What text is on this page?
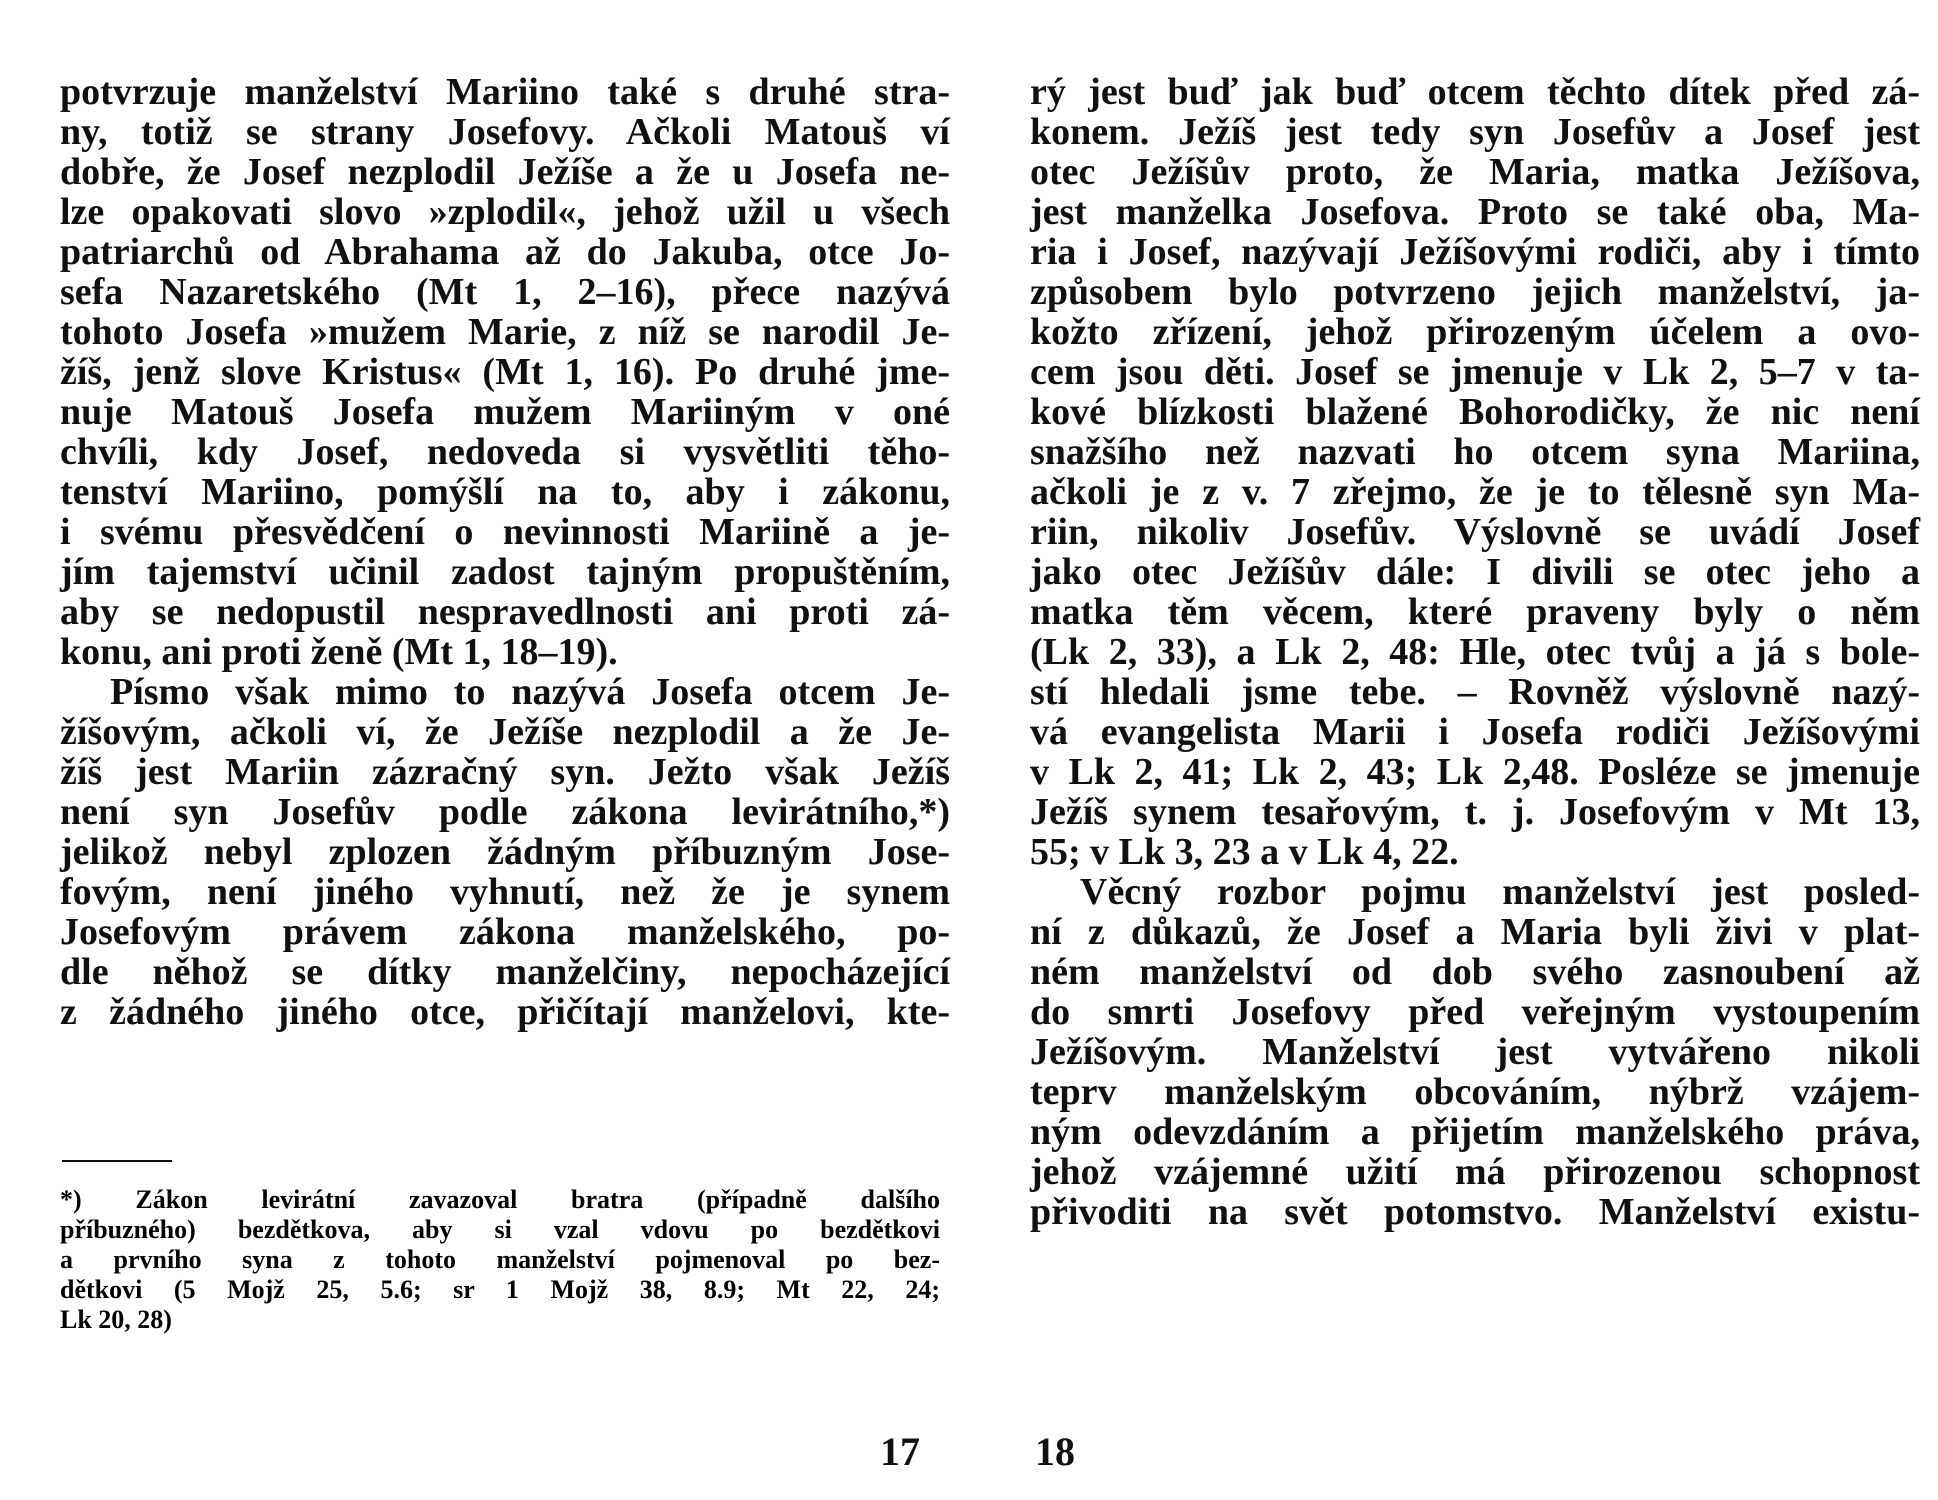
potvrzuje manželství Mariino také s druhé stra-
ny, totiž se strany Josefovy. Ačkoli Matouš ví
dobře, že Josef nezplodil Ježíše a že u Josefa ne-
lze opakovati slovo »zplodil«, jehož užil u všech
patriarchů od Abrahama až do Jakuba, otce Jo-
sefa Nazaretského (Mt 1, 2–16), přece nazývá
tohoto Josefa »mužem Marie, z níž se narodil Je-
žíš, jenž slove Kristus« (Mt 1, 16). Po druhé jme-
nuje Matouš Josefa mužem Mariiným v oné
chvíli, kdy Josef, nedoveda si vysvětliti těho-
tenství Mariino, pomýšlí na to, aby i zákonu,
i svému přesvědčení o nevinnosti Mariině a je-
jím tajemství učinil zadost tajným propuštěním,
aby se nedopustil nespravedlnosti ani proti zá-
konu, ani proti ženě (Mt 1, 18–19).
Písmo však mimo to nazývá Josefa otcem Je-
žíšovým, ačkoli ví, že Ježíše nezplodil a že Je-
žíš jest Mariin zázračný syn. Ježto však Ježíš
není syn Josefův podle zákona levirátního,*)
jelikož nebyl zplozen žádným příbuzným Jose-
fovým, není jiného vyhnutí, než že je synem
Josefovým právem zákona manželského, po-
dle něhož se dítky manželčiny, nepocházející
z žádného jiného otce, přičítají manželovi, kte-
*) Zákon levirátní zavazoval bratra (případně dalšího
příbuzného) bezdětkova, aby si vzal vdovu po bezdětkovi
a prvního syna z tohoto manželství pojmenoval po bez-
dětkovi (5 Mojž 25, 5.6; sr 1 Mojž 38, 8.9; Mt 22, 24;
Lk 20, 28)
rý jest buď jak buď otcem těchto dítek před zá-
konem. Ježíš jest tedy syn Josefův a Josef jest
otec Ježíšův proto, že Maria, matka Ježíšova,
jest manželka Josefova. Proto se také oba, Ma-
ria i Josef, nazývají Ježíšovými rodiči, aby i tímto
způsobem bylo potvrzeno jejich manželství, ja-
kožto zřízení, jehož přirozeným účelem a ovo-
cem jsou děti. Josef se jmenuje v Lk 2, 5–7 v ta-
kové blízkosti blažené Bohorodičky, že nic není
snažšího než nazvati ho otcem syna Mariina,
ačkoli je z v. 7 zřejmo, že je to tělesně syn Ma-
riin, nikoliv Josefův. Výslovně se uvádí Josef
jako otec Ježíšův dále: I divili se otec jeho a
matka těm věcem, které praveny byly o něm
(Lk 2, 33), a Lk 2, 48: Hle, otec tvůj a já s bole-
stí hledali jsme tebe. – Rovněž výslovně nazý-
vá evangelista Marii i Josefa rodiči Ježíšovými
v Lk 2, 41; Lk 2, 43; Lk 2,48. Posléze se jmenuje
Ježíš synem tesařovým, t. j. Josefovým v Mt 13,
55; v Lk 3, 23 a v Lk 4, 22.
Věcný rozbor pojmu manželství jest posled-
ní z důkazů, že Josef a Maria byli živi v plat-
ném manželství od dob svého zasnoubení až
do smrti Josefovy před veřejným vystoupením
Ježíšovým. Manželství jest vytvářeno nikoli
teprv manželským obcováním, nýbrž vzájem-
ným odevzdáním a přijetím manželského práva,
jehož vzájemné užití má přirozenou schopnost
přivoditi na svět potomstvo. Manželství existu-
17	18
